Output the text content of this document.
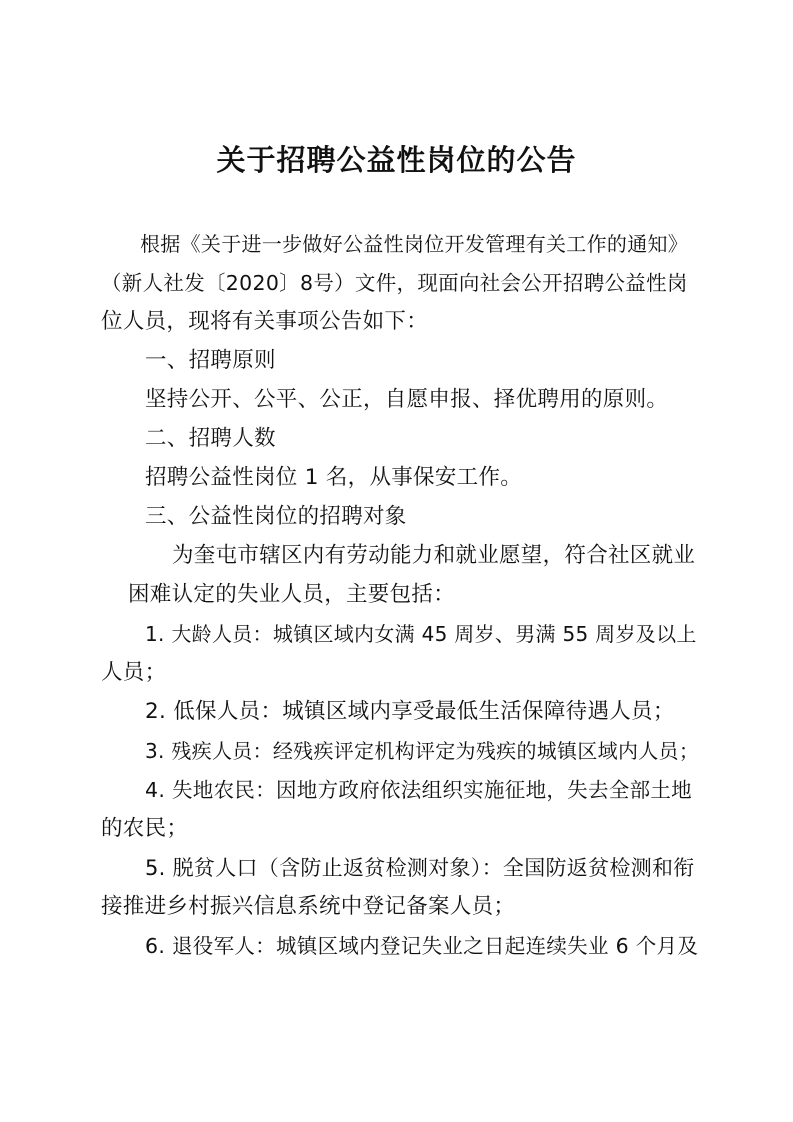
关于招聘公益性岗位的公告
根据《关于进一步做好公益性岗位开发管理有关工作的通知》
（新人社发〔2020〕8号）文件，现面向社会公开招聘公益性岗
位人员，现将有关事项公告如下：
一、招聘原则
坚持公开、公平、公正，自愿申报、择优聘用的原则。
二、招聘人数
招聘公益性岗位 1 名，从事保安工作。
三、公益性岗位的招聘对象
为奎屯市辖区内有劳动能力和就业愿望，符合社区就业
困难认定的失业人员，主要包括：
1. 大龄人员：城镇区域内女满 45 周岁、男满 55 周岁及以上
人员；
2. 低保人员：城镇区域内享受最低生活保障待遇人员；
3. 残疾人员：经残疾评定机构评定为残疾的城镇区域内人员；
4. 失地农民：因地方政府依法组织实施征地，失去全部土地
的农民；
5. 脱贫人口（含防止返贫检测对象）：全国防返贫检测和衔
接推进乡村振兴信息系统中登记备案人员；
6. 退役军人：城镇区域内登记失业之日起连续失业 6 个月及
